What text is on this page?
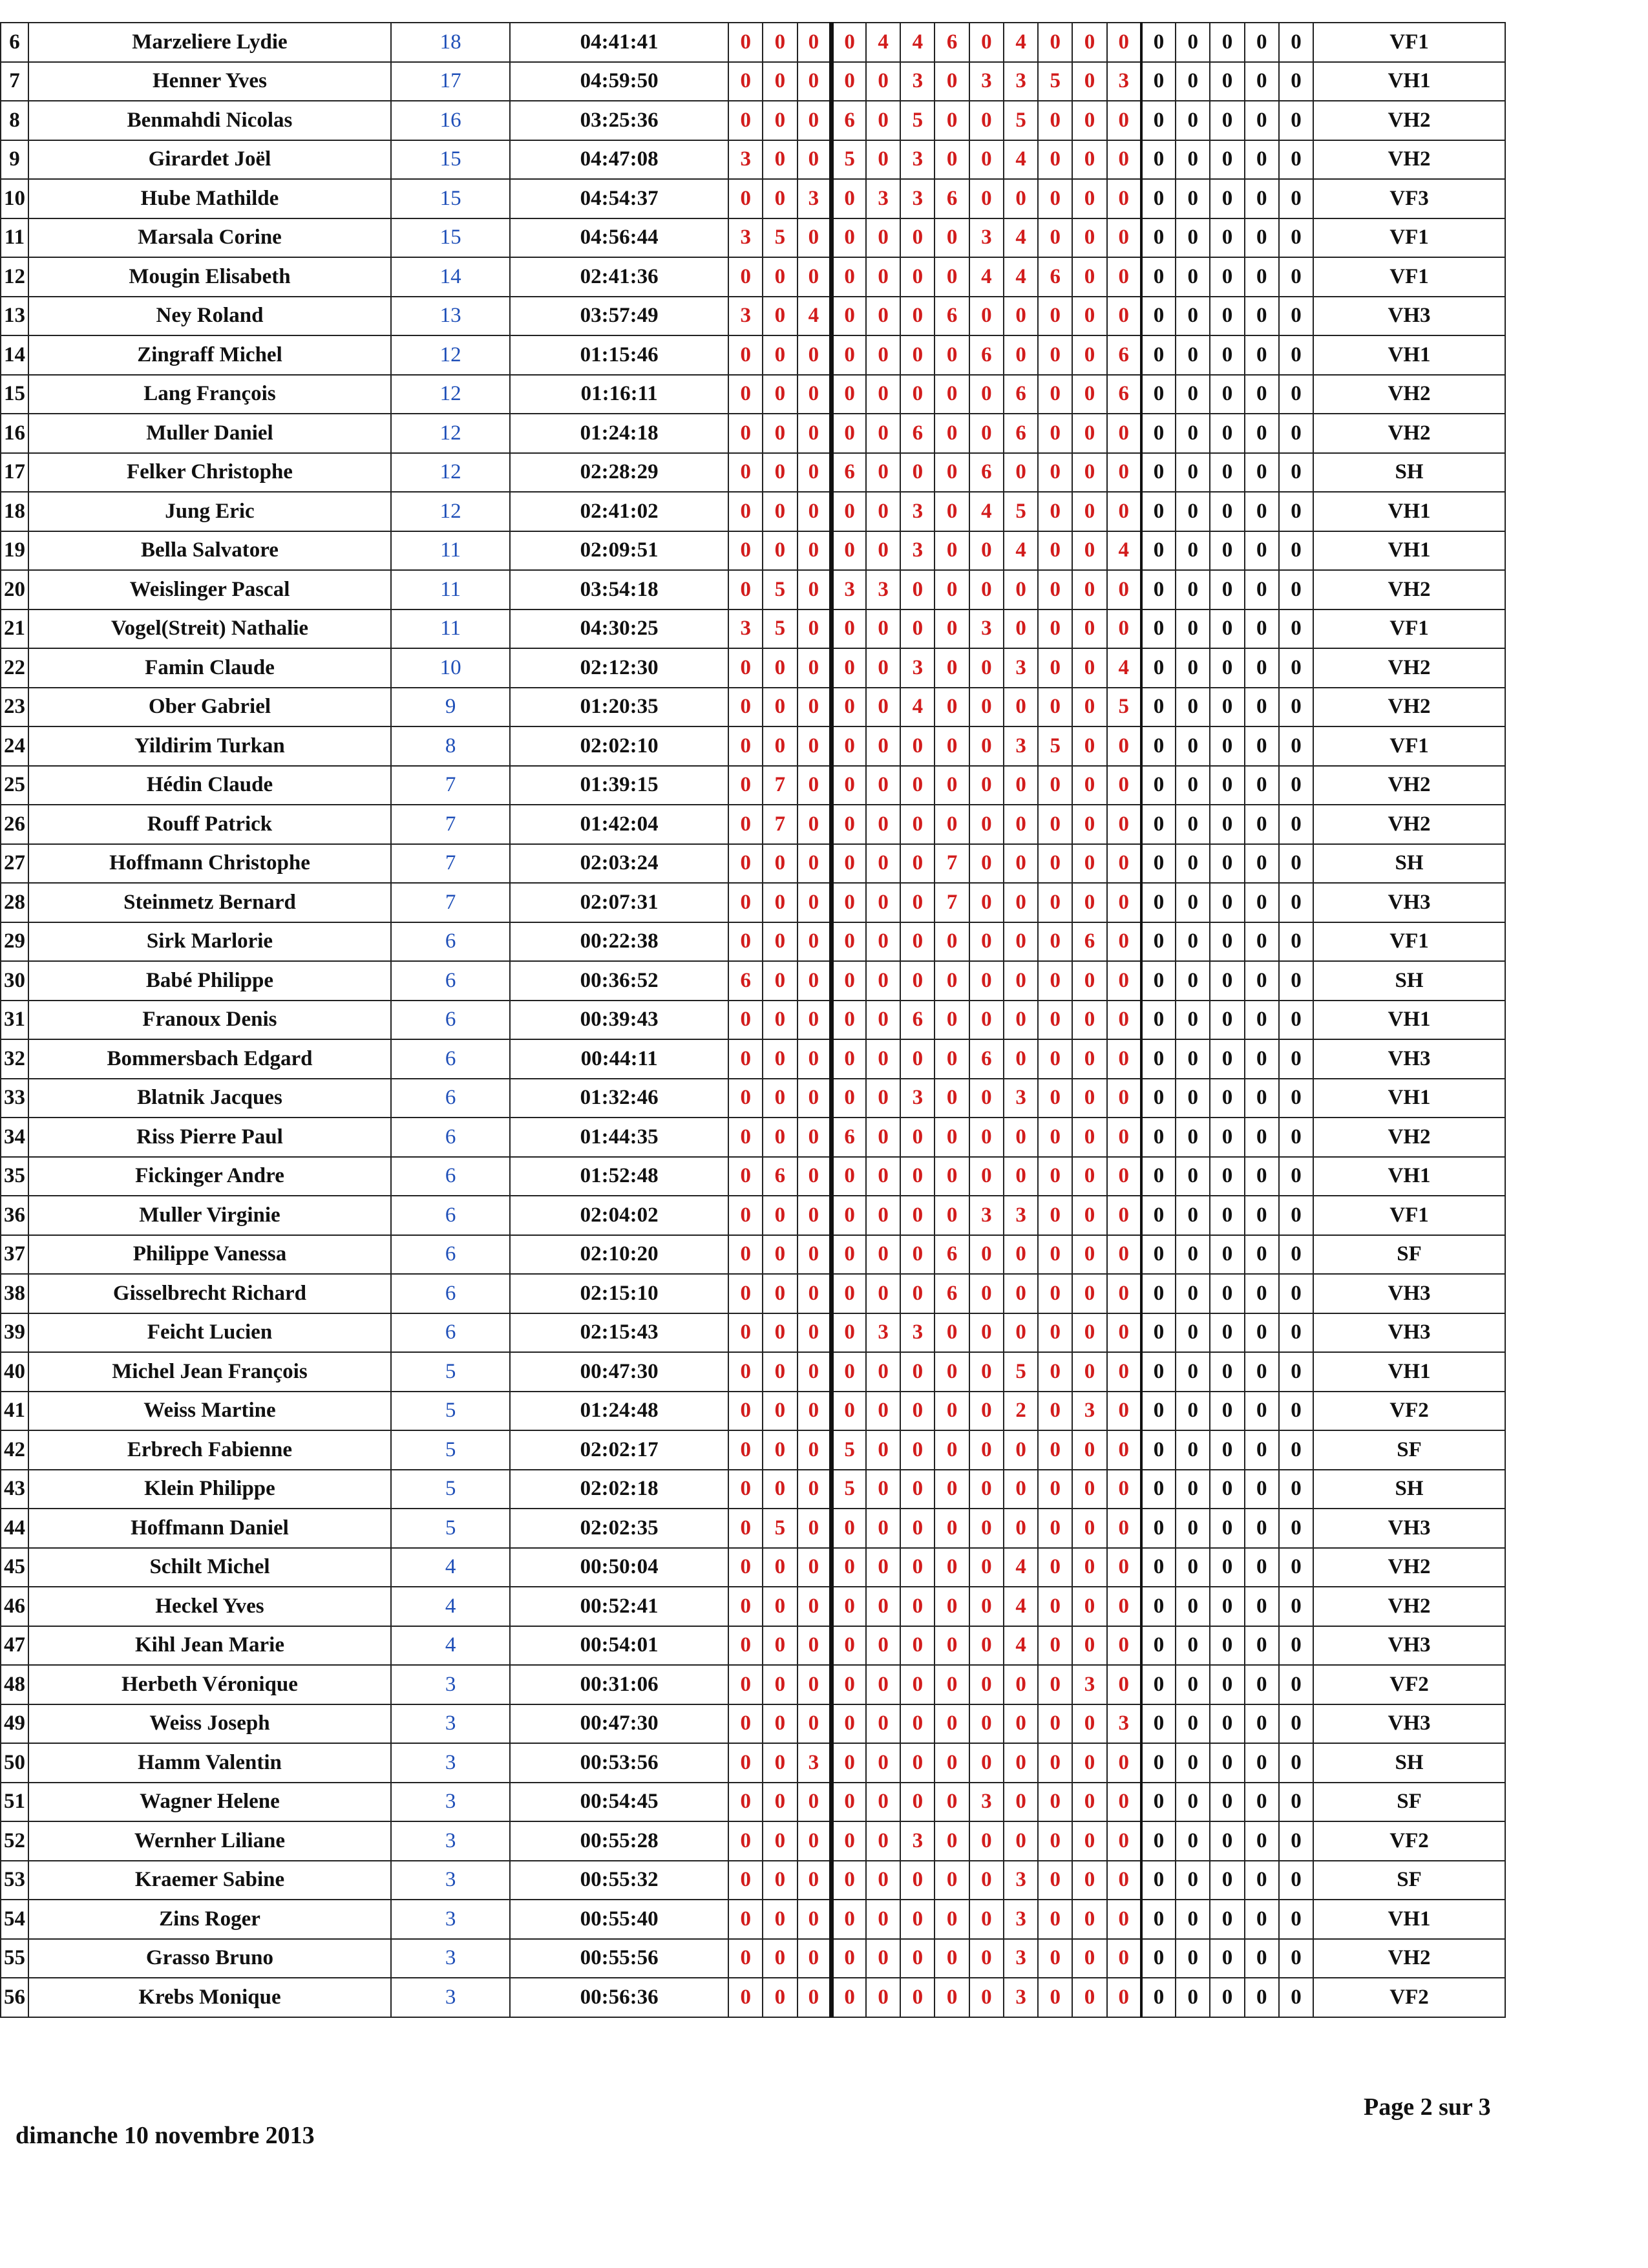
6	Marzeliere Lydie	18	04:41:41	0	0	0	0	4	4	6	0	4	0	0	0	0	0	0	0	0	VF1
7	Henner Yves	17	04:59:50	0	0	0	0	0	3	0	3	3	5	0	3	0	0	0	0	0	VH1
8	Benmahdi Nicolas	16	03:25:36	0	0	0	6	0	5	0	0	5	0	0	0	0	0	0	0	0	VH2
9	Girardet Joël	15	04:47:08	3	0	0	5	0	3	0	0	4	0	0	0	0	0	0	0	0	VH2
10	Hube Mathilde	15	04:54:37	0	0	3	0	3	3	6	0	0	0	0	0	0	0	0	0	0	VF3
11	Marsala Corine	15	04:56:44	3	5	0	0	0	0	0	3	4	0	0	0	0	0	0	0	0	VF1
12	Mougin Elisabeth	14	02:41:36	0	0	0	0	0	0	0	4	4	6	0	0	0	0	0	0	0	VF1
13	Ney Roland	13	03:57:49	3	0	4	0	0	0	6	0	0	0	0	0	0	0	0	0	0	VH3
14	Zingraff Michel	12	01:15:46	0	0	0	0	0	0	0	6	0	0	0	6	0	0	0	0	0	VH1
15	Lang François	12	01:16:11	0	0	0	0	0	0	0	0	6	0	0	6	0	0	0	0	0	VH2
16	Muller Daniel	12	01:24:18	0	0	0	0	0	6	0	0	6	0	0	0	0	0	0	0	0	VH2
17	Felker Christophe	12	02:28:29	0	0	0	6	0	0	0	6	0	0	0	0	0	0	0	0	0	SH
18	Jung Eric	12	02:41:02	0	0	0	0	0	3	0	4	5	0	0	0	0	0	0	0	0	VH1
19	Bella Salvatore	11	02:09:51	0	0	0	0	0	3	0	0	4	0	0	4	0	0	0	0	0	VH1
20	Weislinger Pascal	11	03:54:18	0	5	0	3	3	0	0	0	0	0	0	0	0	0	0	0	0	VH2
21	Vogel(Streit) Nathalie	11	04:30:25	3	5	0	0	0	0	0	3	0	0	0	0	0	0	0	0	0	VF1
22	Famin Claude	10	02:12:30	0	0	0	0	0	3	0	0	3	0	0	4	0	0	0	0	0	VH2
23	Ober Gabriel	9	01:20:35	0	0	0	0	0	4	0	0	0	0	0	5	0	0	0	0	0	VH2
24	Yildirim Turkan	8	02:02:10	0	0	0	0	0	0	0	0	3	5	0	0	0	0	0	0	0	VF1
25	Hédin Claude	7	01:39:15	0	7	0	0	0	0	0	0	0	0	0	0	0	0	0	0	0	VH2
26	Rouff Patrick	7	01:42:04	0	7	0	0	0	0	0	0	0	0	0	0	0	0	0	0	0	VH2
27	Hoffmann Christophe	7	02:03:24	0	0	0	0	0	0	7	0	0	0	0	0	0	0	0	0	0	SH
28	Steinmetz Bernard	7	02:07:31	0	0	0	0	0	0	7	0	0	0	0	0	0	0	0	0	0	VH3
29	Sirk Marlorie	6	00:22:38	0	0	0	0	0	0	0	0	0	0	6	0	0	0	0	0	0	VF1
30	Babé Philippe	6	00:36:52	6	0	0	0	0	0	0	0	0	0	0	0	0	0	0	0	0	SH
31	Franoux Denis	6	00:39:43	0	0	0	0	0	6	0	0	0	0	0	0	0	0	0	0	0	VH1
32	Bommersbach Edgard	6	00:44:11	0	0	0	0	0	0	0	6	0	0	0	0	0	0	0	0	0	VH3
33	Blatnik Jacques	6	01:32:46	0	0	0	0	0	3	0	0	3	0	0	0	0	0	0	0	0	VH1
34	Riss Pierre Paul	6	01:44:35	0	0	0	6	0	0	0	0	0	0	0	0	0	0	0	0	0	VH2
35	Fickinger Andre	6	01:52:48	0	6	0	0	0	0	0	0	0	0	0	0	0	0	0	0	0	VH1
36	Muller Virginie	6	02:04:02	0	0	0	0	0	0	0	3	3	0	0	0	0	0	0	0	0	VF1
37	Philippe Vanessa	6	02:10:20	0	0	0	0	0	0	6	0	0	0	0	0	0	0	0	0	0	SF
38	Gisselbrecht Richard	6	02:15:10	0	0	0	0	0	0	6	0	0	0	0	0	0	0	0	0	0	VH3
39	Feicht Lucien	6	02:15:43	0	0	0	0	3	3	0	0	0	0	0	0	0	0	0	0	0	VH3
40	Michel Jean François	5	00:47:30	0	0	0	0	0	0	0	0	5	0	0	0	0	0	0	0	0	VH1
41	Weiss Martine	5	01:24:48	0	0	0	0	0	0	0	0	2	0	3	0	0	0	0	0	0	VF2
42	Erbrech Fabienne	5	02:02:17	0	0	0	5	0	0	0	0	0	0	0	0	0	0	0	0	0	SF
43	Klein Philippe	5	02:02:18	0	0	0	5	0	0	0	0	0	0	0	0	0	0	0	0	0	SH
44	Hoffmann Daniel	5	02:02:35	0	5	0	0	0	0	0	0	0	0	0	0	0	0	0	0	0	VH3
45	Schilt Michel	4	00:50:04	0	0	0	0	0	0	0	0	4	0	0	0	0	0	0	0	0	VH2
46	Heckel Yves	4	00:52:41	0	0	0	0	0	0	0	0	4	0	0	0	0	0	0	0	0	VH2
47	Kihl Jean Marie	4	00:54:01	0	0	0	0	0	0	0	0	4	0	0	0	0	0	0	0	0	VH3
48	Herbeth Véronique	3	00:31:06	0	0	0	0	0	0	0	0	0	0	3	0	0	0	0	0	0	VF2
49	Weiss Joseph	3	00:47:30	0	0	0	0	0	0	0	0	0	0	0	3	0	0	0	0	0	VH3
50	Hamm Valentin	3	00:53:56	0	0	3	0	0	0	0	0	0	0	0	0	0	0	0	0	0	SH
51	Wagner Helene	3	00:54:45	0	0	0	0	0	0	0	3	0	0	0	0	0	0	0	0	0	SF
52	Wernher Liliane	3	00:55:28	0	0	0	0	0	3	0	0	0	0	0	0	0	0	0	0	0	VF2
53	Kraemer Sabine	3	00:55:32	0	0	0	0	0	0	0	0	3	0	0	0	0	0	0	0	0	SF
54	Zins Roger	3	00:55:40	0	0	0	0	0	0	0	0	3	0	0	0	0	0	0	0	0	VH1
55	Grasso Bruno	3	00:55:56	0	0	0	0	0	0	0	0	3	0	0	0	0	0	0	0	0	VH2
56	Krebs Monique	3	00:56:36	0	0	0	0	0	0	0	0	3	0	0	0	0	0	0	0	0	VF2
dimanche 10 novembre 2013
Page 2 sur 3
